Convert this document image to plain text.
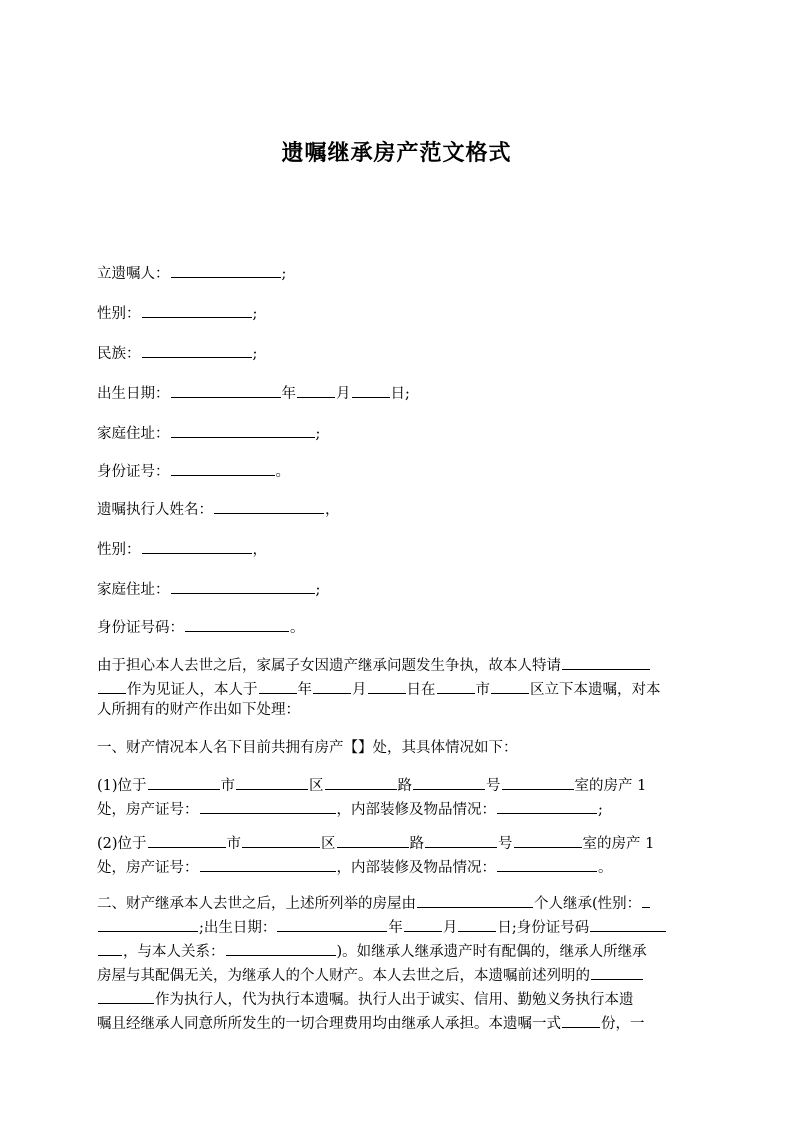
遗嘱继承房产范文格式
立遗嘱人：	;
性别：	;
民族：	;
出生日期：	年	月	日;
家庭住址：	;
身份证号：	。
遗嘱执行人姓名：	，
性别：	，
家庭住址：	;
身份证号码：	。
由于担心本人去世之后，家属子女因遗产继承问题发生争执，故本人特请
作为见证人，本人于	年	月	日在	市	区立下本遗嘱，对本
人所拥有的财产作出如下处理：
一、财产情况本人名下目前共拥有房产【】处，其具体情况如下：
(1)位于	市	区	路	号	室的房产 1
处，房产证号：	，内部装修及物品情况：	;
(2)位于	市	区	路	号	室的房产 1
处，房产证号：	，内部装修及物品情况：	。
二、财产继承本人去世之后，上述所列举的房屋由	个人继承(性别：
;出生日期：	年	月	日;身份证号码
，与本人关系：	)。如继承人继承遗产时有配偶的，继承人所继承
房屋与其配偶无关，为继承人的个人财产。本人去世之后，本遗嘱前述列明的
作为执行人，代为执行本遗嘱。执行人出于诚实、信用、勤勉义务执行本遗
嘱且经继承人同意所所发生的一切合理费用均由继承人承担。本遗嘱一式	份，一
